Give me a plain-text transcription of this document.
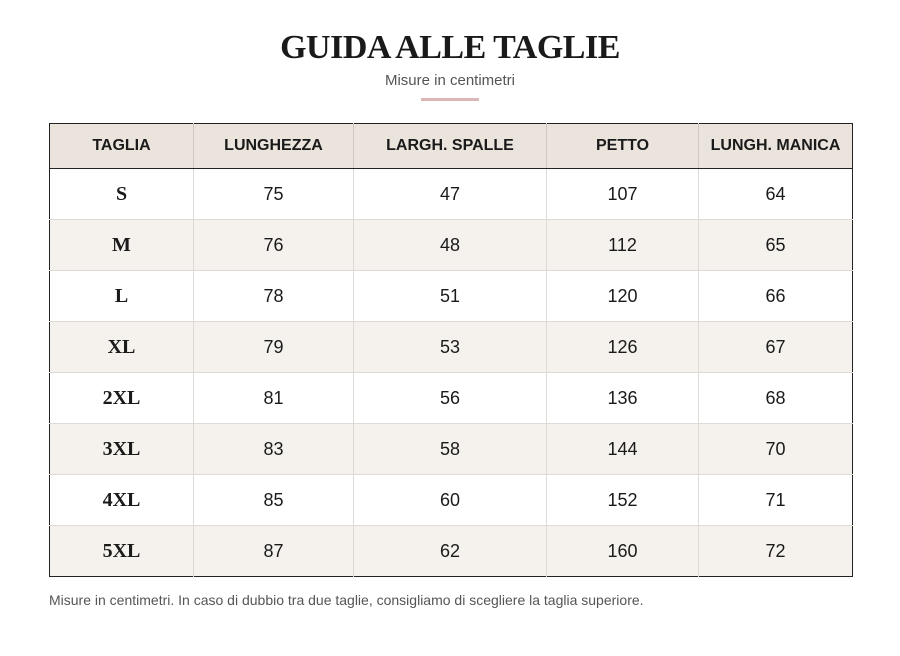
GUIDA ALLE TAGLIE
Misure in centimetri
TAGLIA	LUNGHEZZA	LARGH. SPALLE	PETTO	LUNGH. MANICA
S	75	47	107	64
M	76	48	112	65
L	78	51	120	66
XL	79	53	126	67
2XL	81	56	136	68
3XL	83	58	144	70
4XL	85	60	152	71
5XL	87	62	160	72
Misure in centimetri. In caso di dubbio tra due taglie, consigliamo di scegliere la taglia superiore.
